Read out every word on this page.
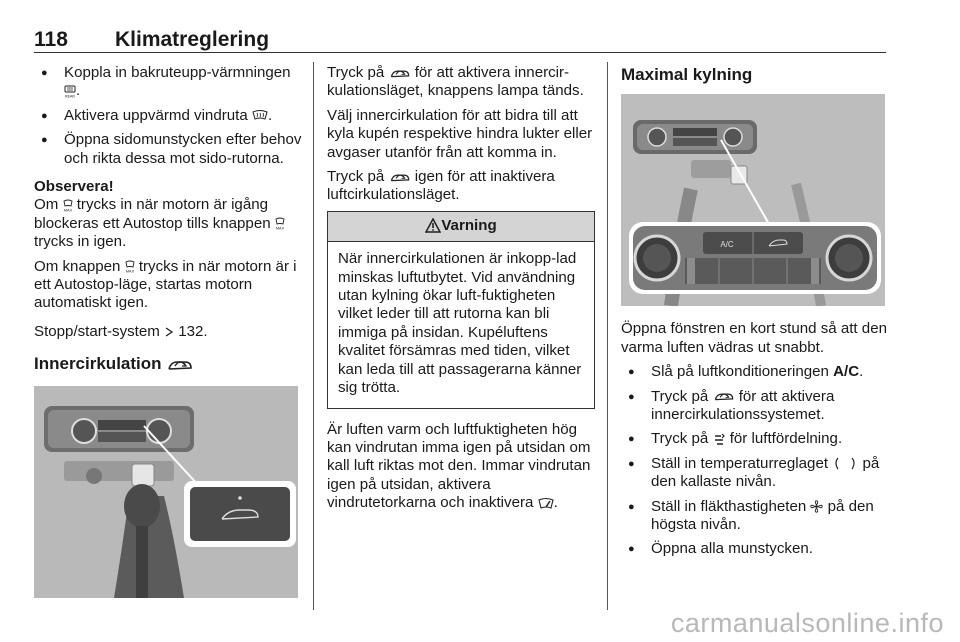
118 Klimatreglering
● Koppla in bakruteupp-värmningen
REAR .
● Aktivera uppvärmd vindruta .
● Öppna sidomunstycken efter behov och rikta dessa mot sido-rutorna.

Observera!

Om MAX trycks in när motorn är igång blockeras ett Autostop tills knappen MAX
trycks in igen.

Om knappen MAX trycks in när motorn är i ett Autostop-läge, startas motorn automatiskt igen.

Stopp/start-system 132.

Innercirkulation

Tryck på för att aktivera innercir-kulationsläget, knappens lampa tänds.

Välj innercirkulation för att bidra till att kyla kupén respektive hindra lukter eller avgaser utanför från att komma in.

Tryck på igen för att inaktivera luftcirkulationsläget.

Varning
När innercirkulationen är inkopp-lad minskas luftutbytet. Vid användning utan kylning ökar luft-fuktigheten vilket leder till att rutorna kan bli immiga på insidan. Kupéluftens kvalitet försämras med tiden, vilket kan leda till att passagerarna känner sig trötta.

Är luften varm och luftfuktigheten hög kan vindrutan imma igen på utsidan om kall luft riktas mot den. Immar vindrutan igen på utsidan, aktivera vindrutetorkarna och inaktivera .

Maximal kylning
A/C

Öppna fönstren en kort stund så att den varma luften vädras ut snabbt.

● Slå på luftkonditioneringen A/C.
● Tryck på för att aktivera innercirkulationssystemet.
● Tryck på för luftfördelning.
● Ställ in temperaturreglaget på den kallaste nivån.
● Ställ in fläkthastigheten på den högsta nivån.
● Öppna alla munstycken.
carmanualsonline.info
